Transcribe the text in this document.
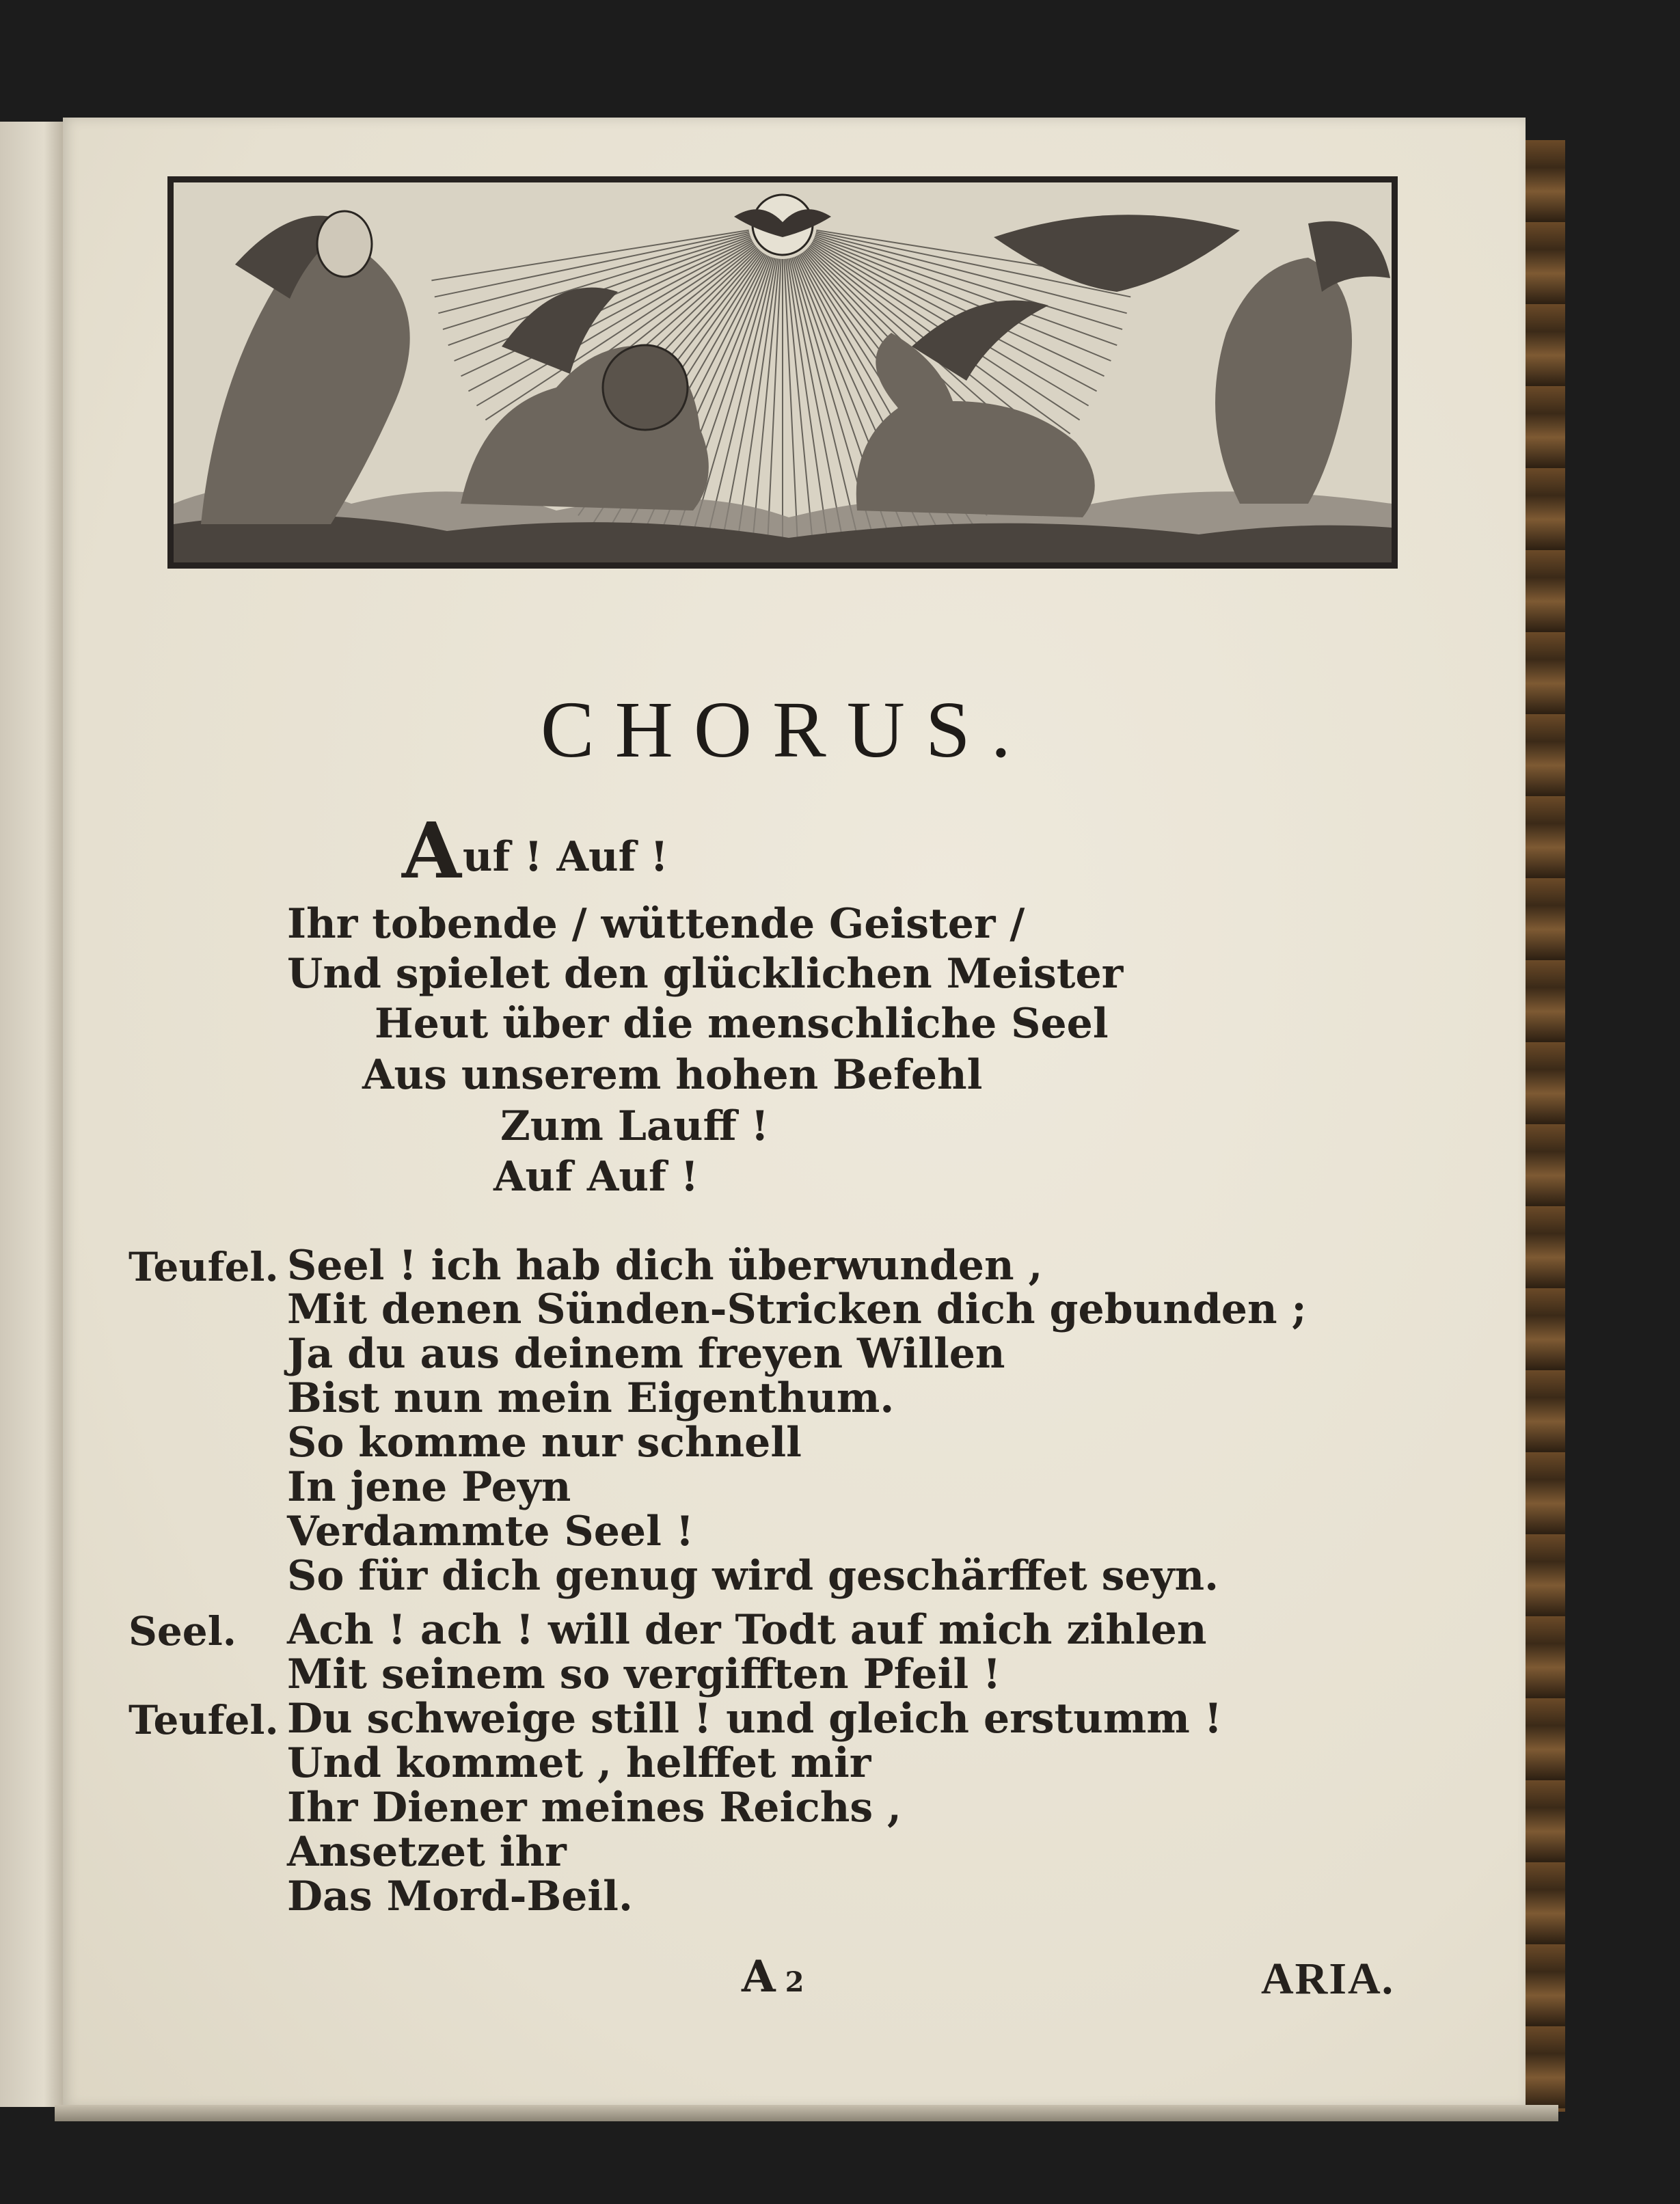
CHORUS.
Auf ! Auf !
Ihr tobende / wüttende Geister /
Und spielet den glücklichen Meister
Heut über die menschliche Seel
Aus unserem hohen Befehl
Zum Lauff !
Auf Auf !
Teufel. Seel ! ich hab dich überwunden ,
Mit denen Sünden-Stricken dich gebunden ;
Ja du aus deinem freyen Willen
Bist nun mein Eigenthum.
So komme nur schnell
In jene Peyn
Verdammte Seel !
So für dich genug wird geschärffet seyn.
Seel. Ach ! ach ! will der Todt auf mich zihlen
Mit seinem so vergifften Pfeil !
Teufel. Du schweige still ! und gleich erstumm !
Und kommet , helffet mir
Ihr Diener meines Reichs ,
Ansetzet ihr
Das Mord-Beil.
A 2	ARIA.
